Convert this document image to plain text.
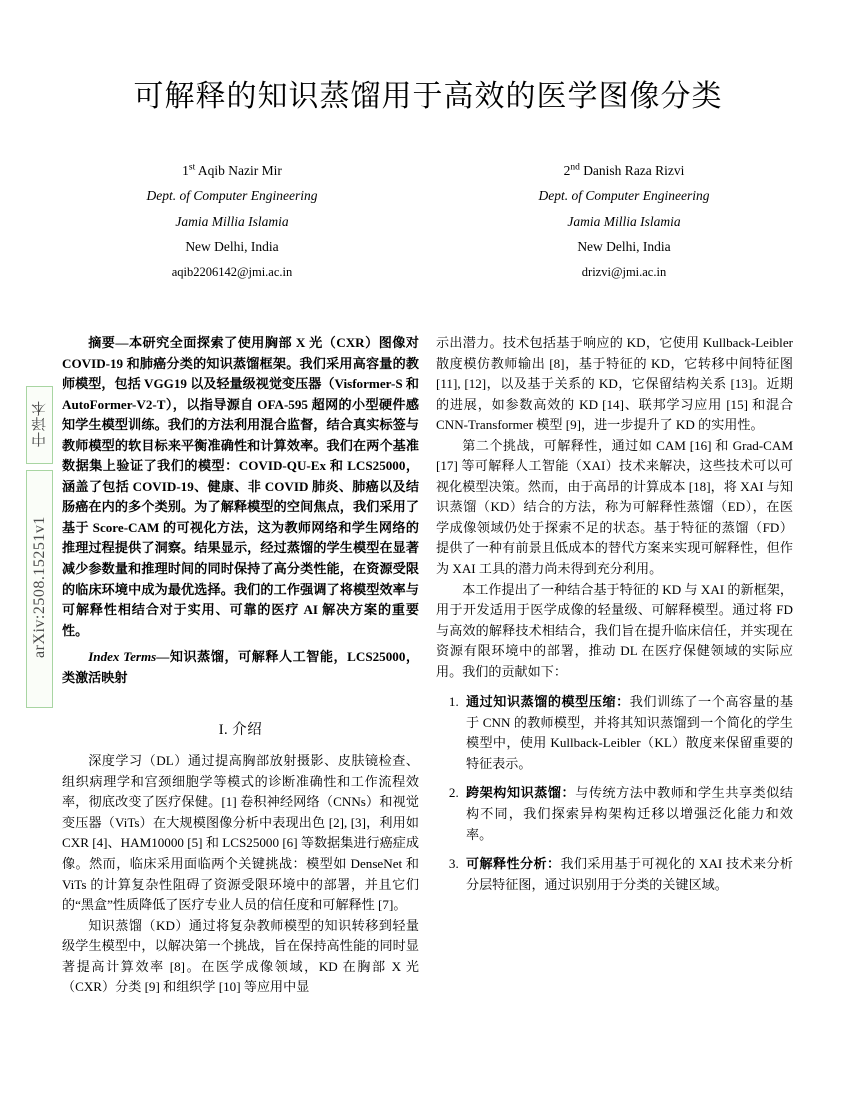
中译本
arXiv:2508.15251v1
可解释的知识蒸馏用于高效的医学图像分类
1st Aqib Nazir Mir
Dept. of Computer Engineering
Jamia Millia Islamia
New Delhi, India
aqib2206142@jmi.ac.in
2nd Danish Raza Rizvi
Dept. of Computer Engineering
Jamia Millia Islamia
New Delhi, India
drizvi@jmi.ac.in

摘要—本研究全面探索了使用胸部 X 光（CXR）图像对 COVID-19 和肺癌分类的知识蒸馏框架。我们采用高容量的教师模型，包括 VGG19 以及轻量级视觉变压器（Visformer-S 和 AutoFormer-V2-T），以指导源自 OFA-595 超网的小型硬件感知学生模型训练。我们的方法利用混合监督，结合真实标签与教师模型的软目标来平衡准确性和计算效率。我们在两个基准数据集上验证了我们的模型：COVID-QU-Ex 和 LCS25000，涵盖了包括 COVID-19、健康、非 COVID 肺炎、肺癌以及结肠癌在内的多个类别。为了解释模型的空间焦点，我们采用了基于 Score-CAM 的可视化方法，这为教师网络和学生网络的推理过程提供了洞察。结果显示，经过蒸馏的学生模型在显著减少参数量和推理时间的同时保持了高分类性能，在资源受限的临床环境中成为最优选择。我们的工作强调了将模型效率与可解释性相结合对于实用、可靠的医疗 AI 解决方案的重要性。

Index Terms—知识蒸馏，可解释人工智能，LCS25000，类激活映射

I. 介绍

深度学习（DL）通过提高胸部放射摄影、皮肤镜检查、组织病理学和宫颈细胞学等模式的诊断准确性和工作流程效率，彻底改变了医疗保健。[1] 卷积神经网络（CNNs）和视觉变压器（ViTs）在大规模图像分析中表现出色 [2], [3]，利用如 CXR [4]、HAM10000 [5] 和 LCS25000 [6] 等数据集进行癌症成像。然而，临床采用面临两个关键挑战：模型如 DenseNet 和 ViTs 的计算复杂性阻碍了资源受限环境中的部署，并且它们的“黑盒”性质降低了医疗专业人员的信任度和可解释性 [7]。

知识蒸馏（KD）通过将复杂教师模型的知识转移到轻量级学生模型中，以解决第一个挑战，旨在保持高性能的同时显著提高计算效率 [8]。在医学成像领域，KD 在胸部 X 光（CXR）分类 [9] 和组织学 [10] 等应用中显

示出潜力。技术包括基于响应的 KD，它使用 Kullback-Leibler 散度模仿教师输出 [8]，基于特征的 KD，它转移中间特征图 [11], [12]，以及基于关系的 KD，它保留结构关系 [13]。近期的进展，如参数高效的 KD [14]、联邦学习应用 [15] 和混合 CNN-Transformer 模型 [9]，进一步提升了 KD 的实用性。

第二个挑战，可解释性，通过如 CAM [16] 和 Grad-CAM [17] 等可解释人工智能（XAI）技术来解决，这些技术可以可视化模型决策。然而，由于高昂的计算成本 [18]，将 XAI 与知识蒸馏（KD）结合的方法，称为可解释性蒸馏（ED），在医学成像领域仍处于探索不足的状态。基于特征的蒸馏（FD）提供了一种有前景且低成本的替代方案来实现可解释性，但作为 XAI 工具的潜力尚未得到充分利用。

本工作提出了一种结合基于特征的 KD 与 XAI 的新框架，用于开发适用于医学成像的轻量级、可解释模型。通过将 FD 与高效的解释技术相结合，我们旨在提升临床信任，并实现在资源有限环境中的部署，推动 DL 在医疗保健领域的实际应用。我们的贡献如下：

1. 通过知识蒸馏的模型压缩：我们训练了一个高容量的基于 CNN 的教师模型，并将其知识蒸馏到一个简化的学生模型中，使用 Kullback-Leibler（KL）散度来保留重要的特征表示。
2. 跨架构知识蒸馏：与传统方法中教师和学生共享类似结构不同，我们探索异构架构迁移以增强泛化能力和效率。
3. 可解释性分析：我们采用基于可视化的 XAI 技术来分析分层特征图，通过识别用于分类的关键区域。
